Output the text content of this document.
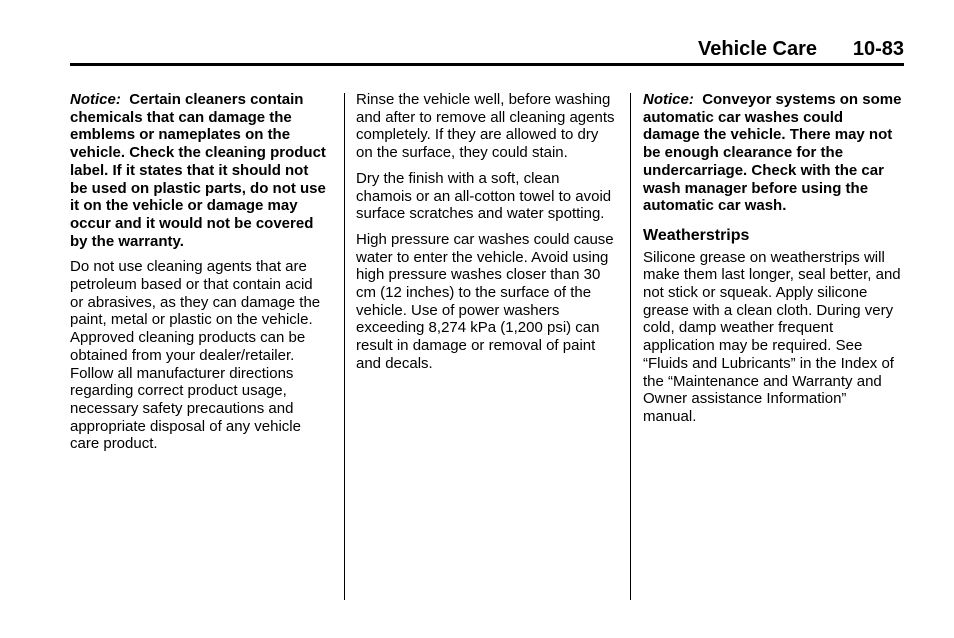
Vehicle Care 10-83

Notice: Certain cleaners contain chemicals that can damage the emblems or nameplates on the vehicle. Check the cleaning product label. If it states that it should not be used on plastic parts, do not use it on the vehicle or damage may occur and it would not be covered by the warranty.

Do not use cleaning agents that are petroleum based or that contain acid or abrasives, as they can damage the paint, metal or plastic on the vehicle. Approved cleaning products can be obtained from your dealer/retailer. Follow all manufacturer directions regarding correct product usage, necessary safety precautions and appropriate disposal of any vehicle care product.

Rinse the vehicle well, before washing and after to remove all cleaning agents completely. If they are allowed to dry on the surface, they could stain.

Dry the finish with a soft, clean chamois or an all-cotton towel to avoid surface scratches and water spotting.

High pressure car washes could cause water to enter the vehicle. Avoid using high pressure washes closer than 30 cm (12 inches) to the surface of the vehicle. Use of power washers exceeding 8,274 kPa (1,200 psi) can result in damage or removal of paint and decals.

Notice: Conveyor systems on some automatic car washes could damage the vehicle. There may not be enough clearance for the undercarriage. Check with the car wash manager before using the automatic car wash.

Weatherstrips

Silicone grease on weatherstrips will make them last longer, seal better, and not stick or squeak. Apply silicone grease with a clean cloth. During very cold, damp weather frequent application may be required. See “Fluids and Lubricants” in the Index of the “Maintenance and Warranty and Owner assistance Information” manual.
